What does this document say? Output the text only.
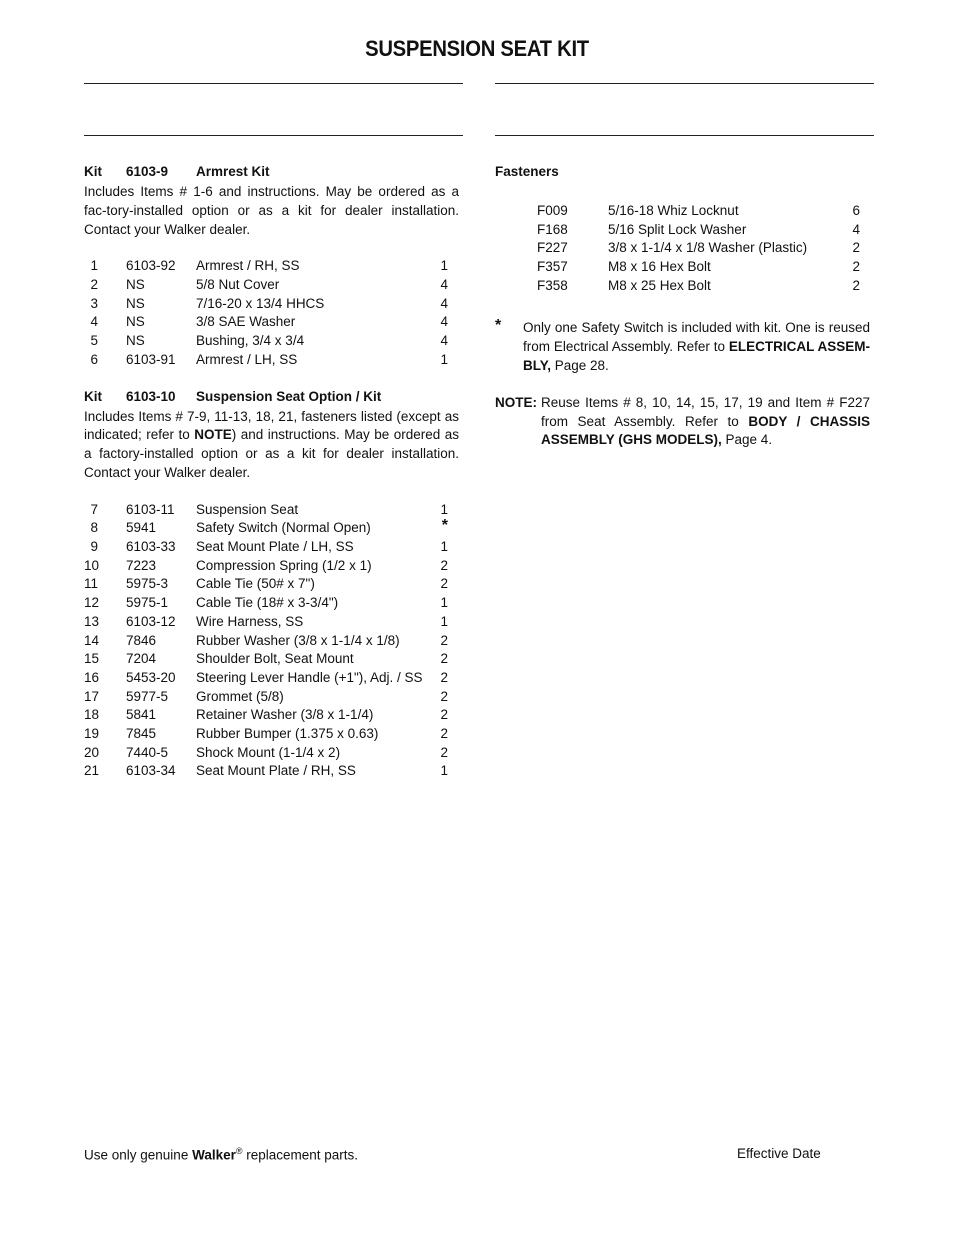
SUSPENSION SEAT KIT
Kit 6103-9 Armrest Kit
Includes Items # 1-6 and instructions. May be ordered as a fac-tory-installed option or as a kit for dealer installation. Contact your Walker dealer.
1 6103-92 Armrest / RH, SS	1
2 NS	5/8 Nut Cover	4
3 NS	7/16-20 x 13/4 HHCS	4
4 NS	3/8 SAE Washer	4
5 NS	Bushing, 3/4 x 3/4	4
6 6103-91 Armrest / LH, SS	1
Kit 6103-10 Suspension Seat Option / Kit
Includes Items # 7-9, 11-13, 18, 21, fasteners listed (except as indicated; refer to NOTE) and instructions. May be ordered as a factory-installed option or as a kit for dealer installation. Contact your Walker dealer.
7 6103-11 Suspension Seat	1
8 5941	Safety Switch (Normal Open)	*
9 6103-33 Seat Mount Plate / LH, SS	1
10 7223	Compression Spring (1/2 x 1)	2
11 5975-3 Cable Tie (50# x 7")	2
12 5975-1 Cable Tie (18# x 3-3/4")	1
13 6103-12 Wire Harness, SS	1
14 7846	Rubber Washer (3/8 x 1-1/4 x 1/8)	2
15 7204	Shoulder Bolt, Seat Mount	2
16 5453-20 Steering Lever Handle (+1"), Adj. / SS	2
17 5977-5 Grommet (5/8)	2
18 5841	Retainer Washer (3/8 x 1-1/4)	2
19 7845	Rubber Bumper (1.375 x 0.63)	2
20 7440-5 Shock Mount (1-1/4 x 2)	2
21 6103-34 Seat Mount Plate / RH, SS	1
Fasteners
F009	5/16-18 Whiz Locknut	6
F168	5/16 Split Lock Washer	4
F227	3/8 x 1-1/4 x 1/8 Washer (Plastic)	2
F357	M8 x 16 Hex Bolt	2
F358	M8 x 25 Hex Bolt	2
* Only one Safety Switch is included with kit. One is reused from Electrical Assembly. Refer to ELECTRICAL ASSEM-BLY, Page 28.
NOTE: Reuse Items # 8, 10, 14, 15, 17, 19 and Item # F227 from Seat Assembly. Refer to BODY / CHASSIS ASSEMBLY (GHS MODELS), Page 4.
Use only genuine Walker® replacement parts.	Effective Date
